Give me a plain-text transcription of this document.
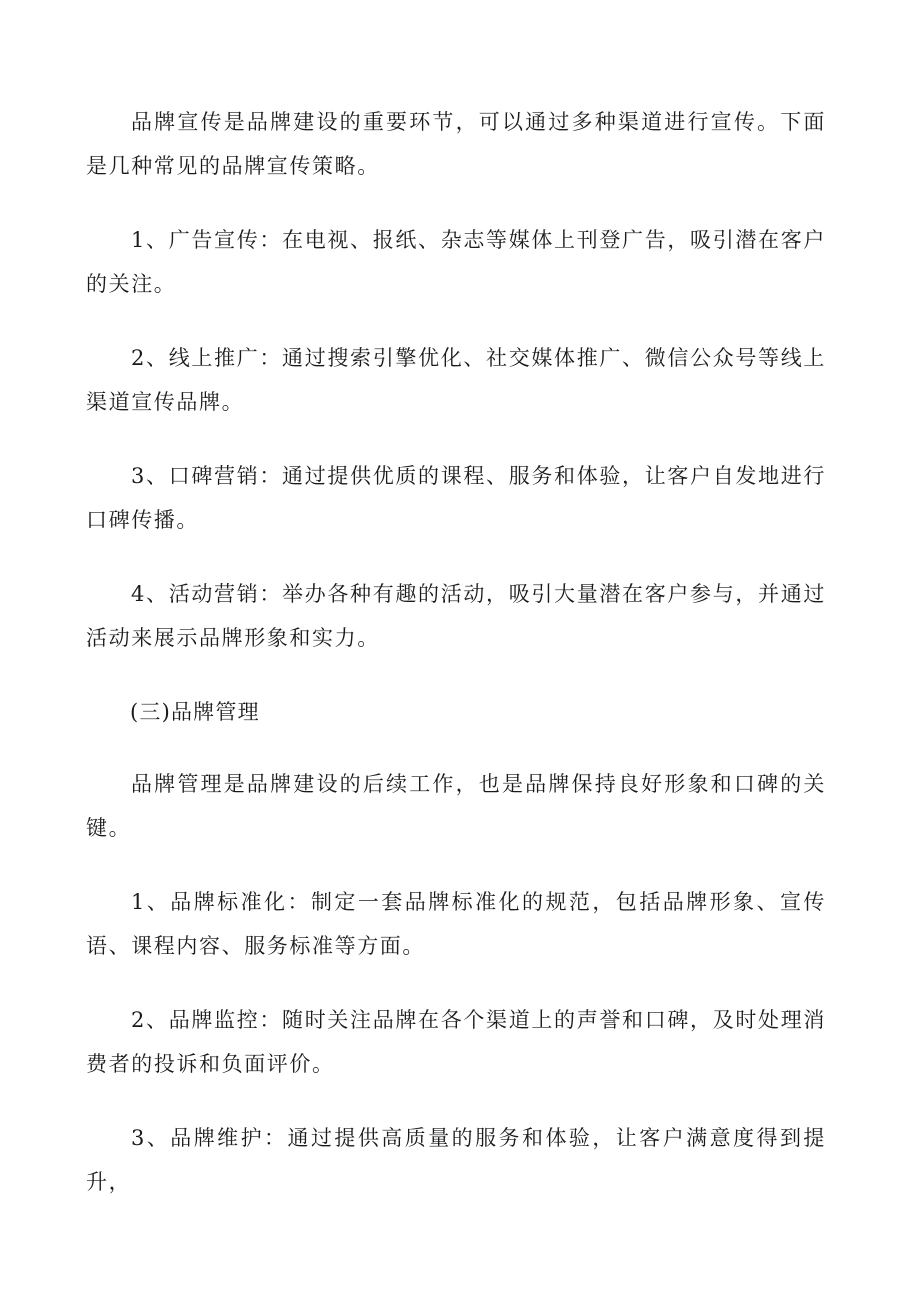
品牌宣传是品牌建设的重要环节，可以通过多种渠道进行宣传。下面是几种常见的品牌宣传策略。

1、广告宣传：在电视、报纸、杂志等媒体上刊登广告，吸引潜在客户的关注。

2、线上推广：通过搜索引擎优化、社交媒体推广、微信公众号等线上渠道宣传品牌。

3、口碑营销：通过提供优质的课程、服务和体验，让客户自发地进行口碑传播。

4、活动营销：举办各种有趣的活动，吸引大量潜在客户参与，并通过活动来展示品牌形象和实力。

(三)品牌管理

品牌管理是品牌建设的后续工作，也是品牌保持良好形象和口碑的关键。

1、品牌标准化：制定一套品牌标准化的规范，包括品牌形象、宣传语、课程内容、服务标准等方面。

2、品牌监控：随时关注品牌在各个渠道上的声誉和口碑，及时处理消费者的投诉和负面评价。

3、品牌维护：通过提供高质量的服务和体验，让客户满意度得到提升，
